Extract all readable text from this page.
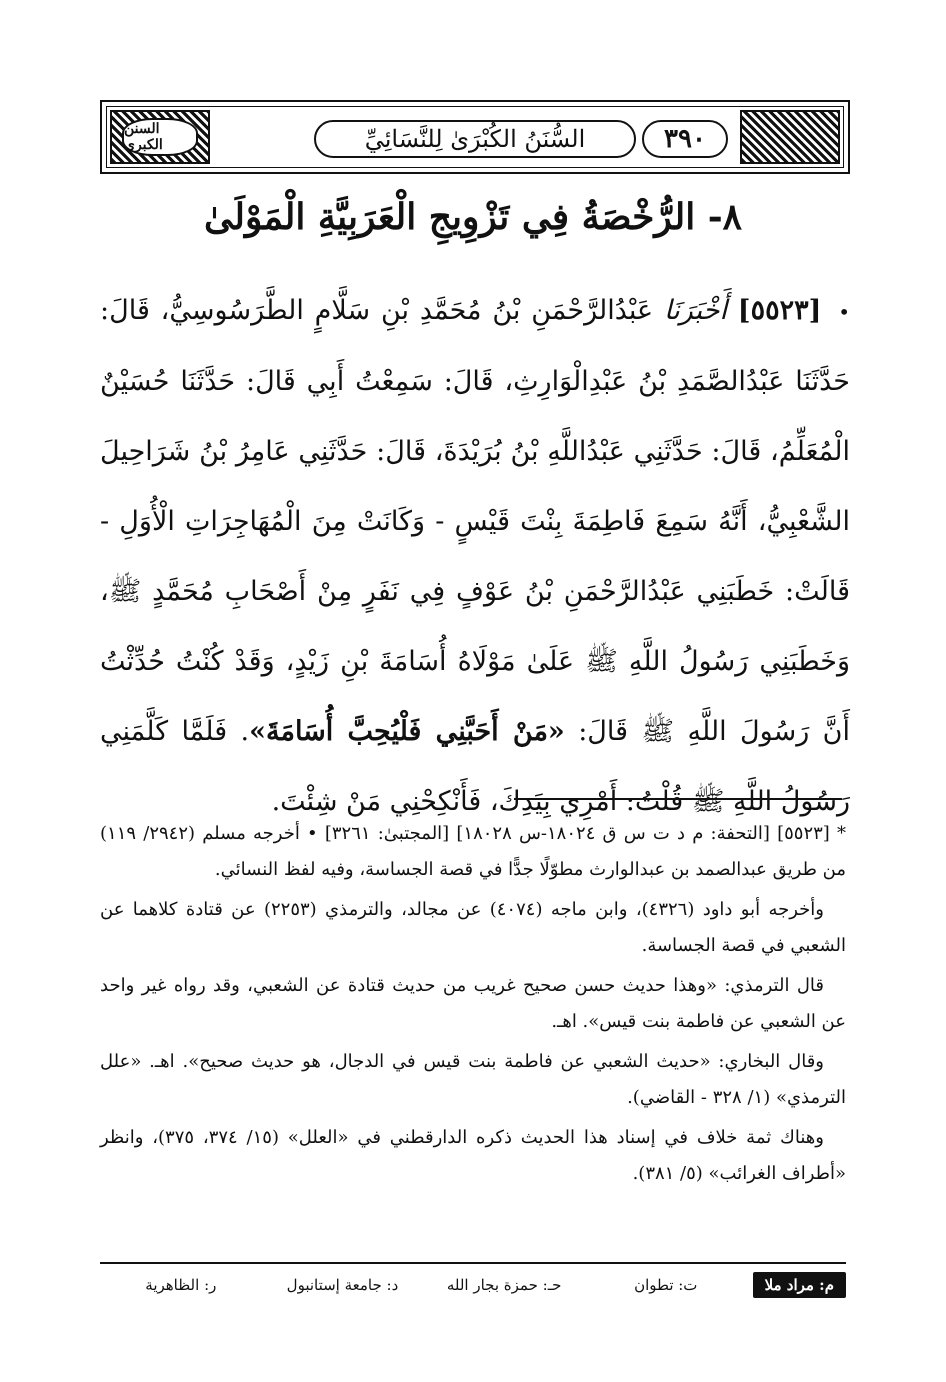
السنن الكبرى	السُّنَنُ الكُبْرَىٰ لِلنَّسَائِيِّ	٣٩٠
٨- الرُّخْصَةُ فِي تَزْوِيجِ الْعَرَبِيَّةِ الْمَوْلَىٰ
• [٥٥٢٣] أَخْبَرَنَا عَبْدُالرَّحْمَنِ بْنُ مُحَمَّدِ بْنِ سَلَّامٍ الطَّرَسُوسِيُّ، قَالَ: حَدَّثَنَا عَبْدُالصَّمَدِ بْنُ عَبْدِالْوَارِثِ، قَالَ: سَمِعْتُ أَبِي قَالَ: حَدَّثَنَا حُسَيْنٌ الْمُعَلِّمُ، قَالَ: حَدَّثَنِي عَبْدُاللَّهِ بْنُ بُرَيْدَةَ، قَالَ: حَدَّثَنِي عَامِرُ بْنُ شَرَاحِيلَ الشَّعْبِيُّ، أَنَّهُ سَمِعَ فَاطِمَةَ بِنْتَ قَيْسٍ - وَكَانَتْ مِنَ الْمُهَاجِرَاتِ الْأُوَلِ - قَالَتْ: خَطَبَنِي عَبْدُالرَّحْمَنِ بْنُ عَوْفٍ فِي نَفَرٍ مِنْ أَصْحَابِ مُحَمَّدٍ ﷺ، وَخَطَبَنِي رَسُولُ اللَّهِ ﷺ عَلَىٰ مَوْلَاهُ أُسَامَةَ بْنِ زَيْدٍ، وَقَدْ كُنْتُ حُدِّثْتُ أَنَّ رَسُولَ اللَّهِ ﷺ قَالَ: «مَنْ أَحَبَّنِي فَلْيُحِبَّ أُسَامَةَ». فَلَمَّا كَلَّمَنِي رَسُولُ اللَّهِ ﷺ قُلْتُ: أَمْرِي بِيَدِكَ، فَأَنْكِحْنِي مَنْ شِئْتَ.

* [٥٥٢٣] [التحفة: م د ت س ق ١٨٠٢٤-س ١٨٠٢٨] [المجتبىٰ: ٣٢٦١] • أخرجه مسلم (٢٩٤٢/ ١١٩) من طريق عبدالصمد بن عبدالوارث مطوّلًا جدًّا في قصة الجساسة، وفيه لفظ النسائي.

وأخرجه أبو داود (٤٣٢٦)، وابن ماجه (٤٠٧٤) عن مجالد، والترمذي (٢٢٥٣) عن قتادة كلاهما عن الشعبي في قصة الجساسة.

قال الترمذي: «وهذا حديث حسن صحيح غريب من حديث قتادة عن الشعبي، وقد رواه غير واحد عن الشعبي عن فاطمة بنت قيس». اهـ.

وقال البخاري: «حديث الشعبي عن فاطمة بنت قيس في الدجال، هو حديث صحيح». اهـ. «علل الترمذي» (١/ ٣٢٨ - القاضي).

وهناك ثمة خلاف في إسناد هذا الحديث ذكره الدارقطني في «العلل» (١٥/ ٣٧٤، ٣٧٥)، وانظر «أطراف الغرائب» (٥/ ٣٨١).

م: مراد ملا
ت: تطوان
حـ: حمزة بجار الله
د: جامعة إستانبول
ر: الظاهرية
